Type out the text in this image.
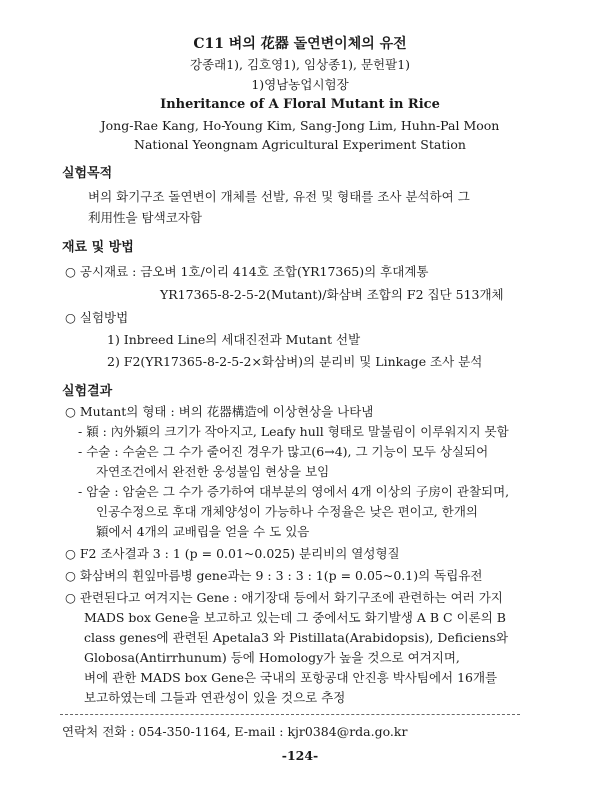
C11 벼의 花器 돌연변이체의 유전
강종래1), 김호영1), 임상종1), 문헌팔1)
1)영남농업시험장
Inheritance of A Floral Mutant in Rice
Jong-Rae Kang, Ho-Young Kim, Sang-Jong Lim, Huhn-Pal Moon
National Yeongnam Agricultural Experiment Station
실험목적
벼의 화기구조 돌연변이 개체를 선발, 유전 및 형태를 조사 분석하여 그
利用性을 탐색코자함
재료 및 방법
○ 공시재료 : 금오벼 1호/이리 414호 조합(YR17365)의 후대계통
YR17365-8-2-5-2(Mutant)/화삼벼 조합의 F2 집단 513개체
○ 실험방법
1) Inbreed Line의 세대진전과 Mutant 선발
2) F2(YR17365-8-2-5-2×화삼벼)의 분리비 및 Linkage 조사 분석
실험결과
○ Mutant의 형태 : 벼의 花器構造에 이상현상을 나타냄
- 穎 : 內外穎의 크기가 작아지고, Leafy hull 형태로 말불림이 이루워지지 못함
- 수술 : 수술은 그 수가 줄어진 경우가 많고(6→4), 그 기능이 모두 상실되어
자연조건에서 완전한 웅성불임 현상을 보임
- 암술 : 암술은 그 수가 증가하여 대부분의 영에서 4개 이상의 子房이 관찰되며,
인공수정으로 후대 개체양성이 가능하나 수정율은 낮은 편이고, 한개의
穎에서 4개의 교배립을 얻을 수 도 있음
○ F2 조사결과 3 : 1 (p = 0.01~0.025) 분리비의 열성형질
○ 화삼벼의 휜잎마름병 gene과는 9 : 3 : 3 : 1(p = 0.05~0.1)의 독립유전
○ 관련된다고 여겨지는 Gene : 애기장대 등에서 화기구조에 관련하는 여러 가지
MADS box Gene을 보고하고 있는데 그 중에서도 화기발생 A B C 이론의 B
class genes에 관련된 Apetala3 와 Pistillata(Arabidopsis), Deficiens와
Globosa(Antirrhunum) 등에 Homology가 높을 것으로 여겨지며,
벼에 관한 MADS box Gene은 국내의 포항공대 안진흥 박사팀에서 16개를
보고하였는데 그들과 연관성이 있을 것으로 추정
연락처 전화 : 054-350-1164, E-mail : kjr0384@rda.go.kr
-124-
